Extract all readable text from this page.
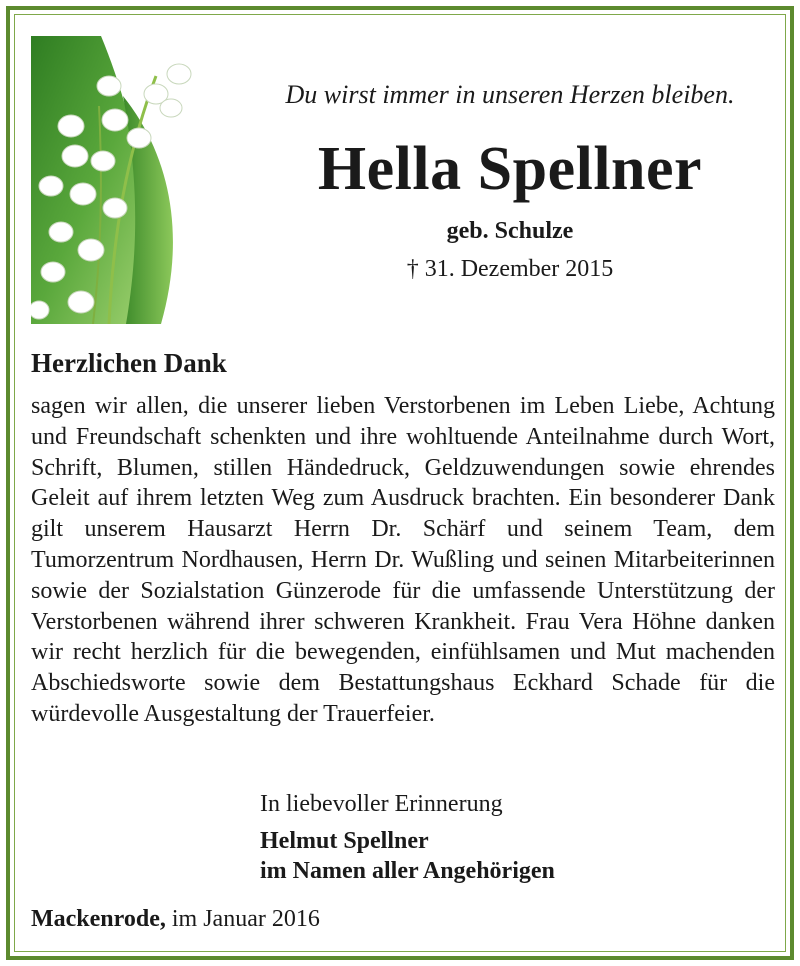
Du wirst immer in unseren Herzen bleiben.
Hella Spellner
geb. Schulze
† 31. Dezember 2015
Herzlichen Dank
sagen wir allen, die unserer lieben Verstorbenen im Leben Liebe, Achtung und Freundschaft schenkten und ihre wohltuende Anteilnahme durch Wort, Schrift, Blumen, stillen Händedruck, Geldzuwendungen sowie ehrendes Geleit auf ihrem letzten Weg zum Ausdruck brachten. Ein besonderer Dank gilt unserem Hausarzt Herrn Dr. Schärf und seinem Team, dem Tumorzentrum Nordhausen, Herrn Dr. Wußling und seinen Mitarbeiterinnen sowie der Sozialstation Günzerode für die umfassende Unterstützung der Verstorbenen während ihrer schweren Krankheit. Frau Vera Höhne danken wir recht herzlich für die bewegenden, einfühlsamen und Mut machenden Abschiedsworte sowie dem Bestattungshaus Eckhard Schade für die würdevolle Ausgestaltung der Trauerfeier.
In liebevoller Erinnerung
Helmut Spellner
im Namen aller Angehörigen
Mackenrode, im Januar 2016
